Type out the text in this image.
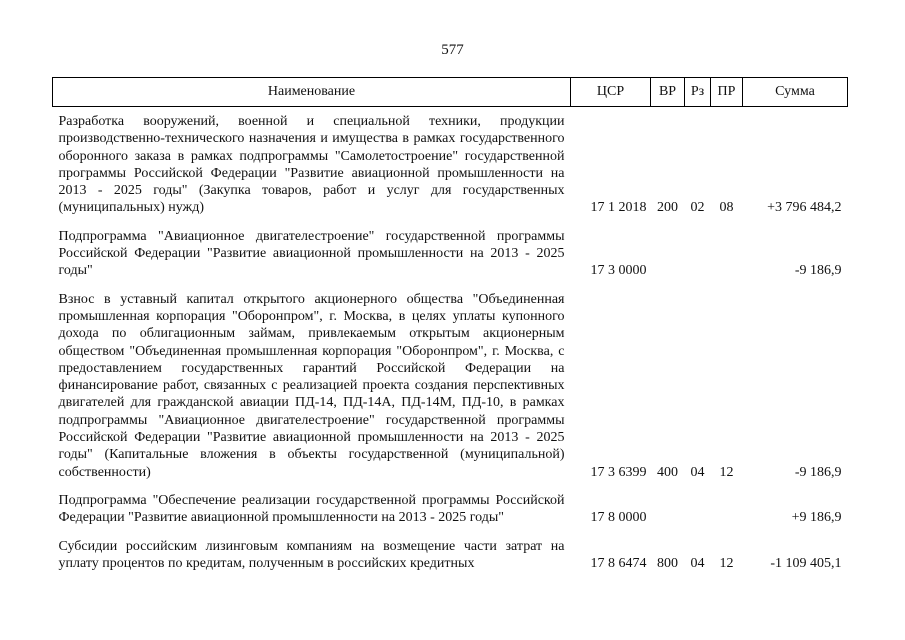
577
Наименование	ЦСР	ВР	Рз	ПР	Сумма

Разработка вооружений, военной и специальной техники, продукции производственно-технического назначения и имущества в рамках государственного оборонного заказа в рамках подпрограммы "Самолетостроение" государственной программы Российской Федерации "Развитие авиационной промышленности на 2013 - 2025 годы" (Закупка товаров, работ и услуг для государственных (муниципальных) нужд)	17 1 2018	200	02	08	+3 796 484,2

Подпрограмма "Авиационное двигателестроение" государственной программы Российской Федерации "Развитие авиационной промышленности на 2013 - 2025 годы"	17 3 0000				-9 186,9

Взнос в уставный капитал открытого акционерного общества "Объединенная промышленная корпорация "Оборонпром", г. Москва, в целях уплаты купонного дохода по облигационным займам, привлекаемым открытым акционерным обществом "Объединенная промышленная корпорация "Оборонпром", г. Москва, с предоставлением государственных гарантий Российской Федерации на финансирование работ, связанных с реализацией проекта создания перспективных двигателей для гражданской авиации ПД-14, ПД-14А, ПД-14М, ПД-10, в рамках подпрограммы "Авиационное двигателестроение" государственной программы Российской Федерации "Развитие авиационной промышленности на 2013 - 2025 годы" (Капитальные вложения в объекты государственной (муниципальной) собственности)	17 3 6399	400	04	12	-9 186,9

Подпрограмма "Обеспечение реализации государственной программы Российской Федерации "Развитие авиационной промышленности на 2013 - 2025 годы"	17 8 0000				+9 186,9

Субсидии российским лизинговым компаниям на возмещение части затрат на уплату процентов по кредитам, полученным в российских кредитных	17 8 6474	800	04	12	-1 109 405,1
